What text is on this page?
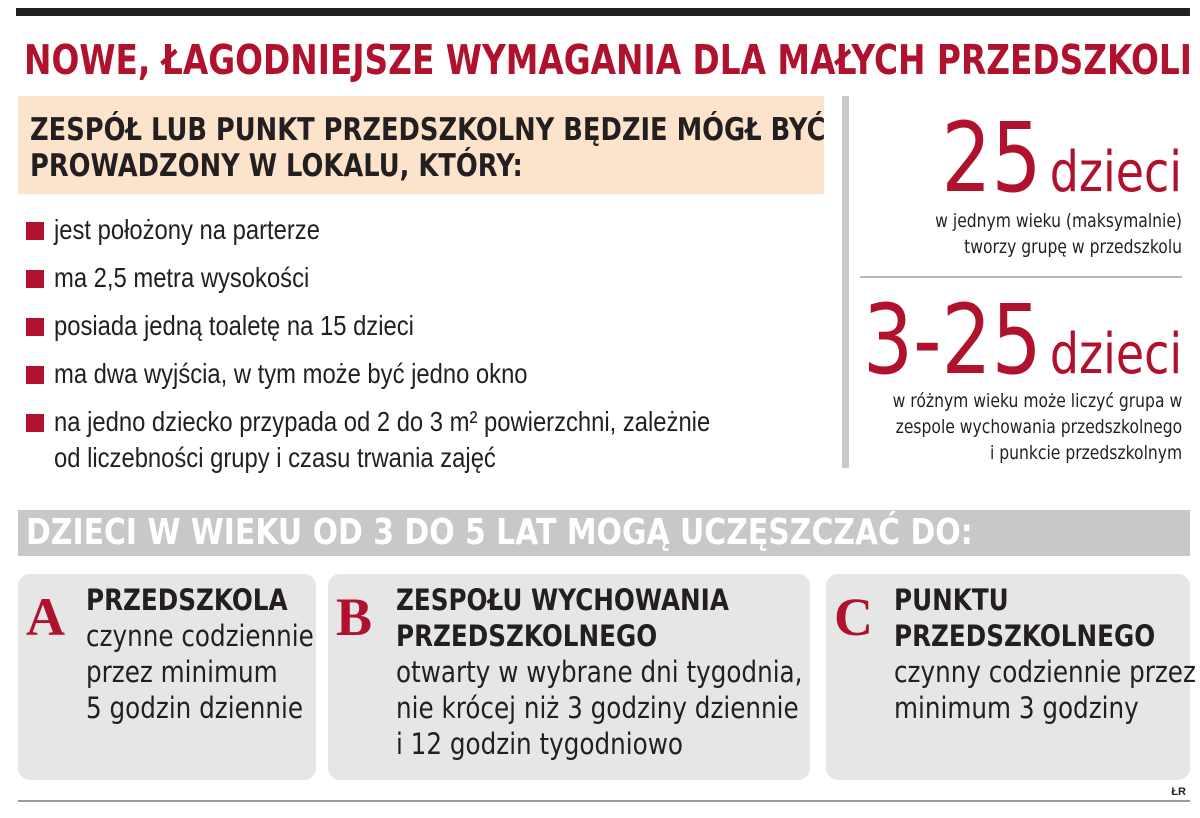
NOWE, ŁAGODNIEJSZE WYMAGANIA DLA MAŁYCH PRZEDSZKOLI
ZESPÓŁ LUB PUNKT PRZEDSZKOLNY BĘDZIE MÓGŁ BYĆ
PROWADZONY W LOKALU, KTÓRY:
jest położony na parterze
ma 2,5 metra wysokości
posiada jedną toaletę na 15 dzieci
ma dwa wyjścia, w tym może być jedno okno
na jedno dziecko przypada od 2 do 3 m² powierzchni, zależnie
od liczebności grupy i czasu trwania zajęć
25 dzieci
w jednym wieku (maksymalnie)
tworzy grupę w przedszkolu
3-25 dzieci
w różnym wieku może liczyć grupa w
zespole wychowania przedszkolnego
i punkcie przedszkolnym
DZIECI W WIEKU OD 3 DO 5 LAT MOGĄ UCZĘSZCZAĆ DO:
A PRZEDSZKOLA
czynne codziennie
przez minimum
5 godzin dziennie
B ZESPOŁU WYCHOWANIA
PRZEDSZKOLNEGO
otwarty w wybrane dni tygodnia,
nie krócej niż 3 godziny dziennie
i 12 godzin tygodniowo
C PUNKTU
PRZEDSZKOLNEGO
czynny codziennie przez
minimum 3 godziny
ŁR
